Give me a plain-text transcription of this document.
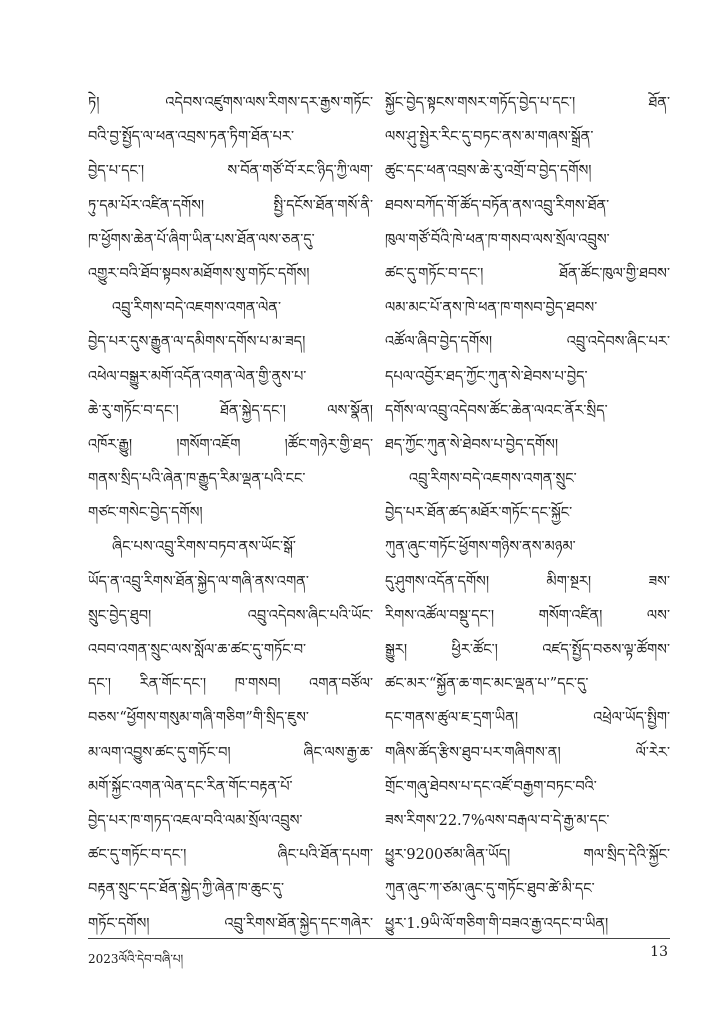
ཏེ། འདེབས་འཛུགས་ལས་རིགས་དར་རྒྱས་གཏོང་
བའི་བྱ་སྤྱོད་ལ་ཕན་འབྲས་ཏན་ཏིག་ཐོན་པར་
བྱེད་པ་དང་། ས་བོན་གཙོ་བོ་རང་ཉིད་ཀྱི་ལག་
ཏུ་དམ་པོར་འཛིན་དགོས། སྤྱི་དངོས་ཐོན་གསོ་ནི་
ཁ་ཕྱོགས་ཆེན་པོ་ཞིག་ཡིན་པས་ཐོན་ལས་ཅན་དུ་
འགྱུར་བའི་ཐོབ་སྟབས་མཐོགས་སུ་གཏོང་དགོས།
འབྲུ་རིགས་བདེ་འཇགས་འགན་ལེན་
བྱེད་པར་དུས་རྒྱུན་ལ་དམིགས་དགོས་པ་མ་ཟད།
འཕེལ་བསྒྱུར་མགོ་འདོན་འགན་ལེན་གྱི་ནུས་པ་
ཆེ་རུ་གཏོང་བ་དང་། ཐོན་སྐྱེད་དང་། ལས་སྣོན།
འཁོར་རྒྱུ། །གསོག་འཇོག །ཚོང་གཉེར་གྱི་ཐད་
གནས་སྲིད་པའི་ཞེན་ཁ་རྒྱུད་རིམ་ལྡན་པའི་ངང་
གཙང་གསེང་བྱེད་དགོས།
ཞིང་པས་འབྲུ་རིགས་བཏབ་ནས་ཡོང་སྒོ་
ཡོད་ན་འབྲུ་རིགས་ཐོན་སྐྱེད་ལ་གཞི་ནས་འགན་
སྲུང་བྱེད་ཐུབ། འབྲུ་འདེབས་ཞིང་པའི་ཡོང་
འབབ་འགན་སྲུང་ལས་སློལ་ཆ་ཚང་དུ་གཏོང་བ་
དང་། རིན་གོང་དང་། ཁ་གསབ། འགན་བཙོལ་
བཅས་“ཕྱོགས་གསུམ་གཞི་གཅིག”གི་སྲིད་ཇུས་
མ་ལག་འབྱུས་ཚང་དུ་གཏོང་བ། ཞིང་ལས་རྒྱ་ཆ་
མགོ་སྐྱོང་འགན་ལེན་དང་རིན་གོང་བརྟན་པོ་
བྱེད་པར་ཁ་གཏད་འཇལ་བའི་ལམ་སྲོལ་འབྲུས་
ཚང་དུ་གཏོང་བ་དང་། ཞིང་པའི་ཐོན་དཔག་
བརྟན་སྲུང་དང་ཐོན་སྐྱེད་ཀྱི་ཞེན་ཁ་ཆུང་དུ་
གཏོང་དགོས། འབྲུ་རིགས་ཐོན་སྐྱེད་དང་གཞེར་
སྐྱོང་བྱེད་སྟངས་གསར་གཏོད་བྱེད་པ་དང་། ཐོན་
ལས་ཤུ་སྤྱེར་རིང་དུ་བཏང་ནས་མ་གཞས་སྒྲོན་
ཚུང་དང་ཕན་འབྲས་ཆེ་རུ་འགྲོ་བ་བྱེད་དགོས།
ཐབས་བཀོད་གོ་ཚོད་བཏོན་ནས་འབྲུ་རིགས་ཐོན་
ཁུལ་གཙོ་བོའི་ཁེ་ཕན་ཁ་གསབ་ལས་སྲོལ་འབྲུས་
ཚང་དུ་གཏོང་བ་དང་། ཐོན་ཚོང་ཁུལ་གྱི་ཐབས་
ལམ་མང་པོ་ནས་ཁེ་ཕན་ཁ་གསབ་བྱེད་ཐབས་
འཚོལ་ཞིབ་བྱེད་དགོས། འབྲུ་འདེབས་ཞིང་པར་
དཔལ་འབྱོར་ཐད་ཀྱོང་ཀུན་སེ་ཐེབས་པ་བྱེད་
དགོས་ལ་འབྲུ་འདེབས་ཚོང་ཆེན་ལའང་ནོར་སྲིད་
ཐད་ཀྱོང་ཀུན་སེ་ཐེབས་པ་བྱེད་དགོས།
འབྲུ་རིགས་བདེ་འཇགས་འགན་སྲུང་
བྱེད་པར་ཐོན་ཚད་མཐོར་གཏོང་དང་སྐྱོང་
ཀུན་ཞུང་གཏོང་ཕྱོགས་གཉིས་ནས་མཉམ་
དུ་ཤུགས་འདོན་དགོས། མིག་སྔར། ཟས་
རིགས་འཚོལ་བསྡུ་དང་། གསོག་འཛིན། ལས་
སྒྱུར། ཕྱིར་ཚོང་། འཛད་སྤྱོད་བཅས་ལྟ་ཚོགས་
ཚང་མར་“སྐྱོན་ཆ་གང་མང་ལྡན་པ་”དང་དུ་
དང་གནས་ཚུལ་ཇ་དྲག་ཡིན། འཕྲེལ་ཡོད་སྤྱིག་
གཞིས་ཚོད་རྩིས་ཐུབ་པར་གཞིགས་ན། ལོ་རེར་
གྲོང་གཞུ་ཐེབས་པ་དང་འཛོ་བརྒྱག་བཏང་བའི་
ཟས་རིགས་22.7%ལས་བརྒལ་བ་དེ་རྒྱ་མ་དང་
ཕྱུར་9200ཙམ་ཞིན་ཡོད། གལ་སྲིད་དེའི་སྐྱོང་
ཀུན་ཞུང་ཀ་ཙམ་ཞུང་དུ་གཏོང་ཐུབ་ཚེ་མི་དང་
ཕྱུར་1.9ཡི་ལོ་གཅིག་གི་བཟའ་རྒྱ་འདང་བ་ཡིན།
2023ལོའི་དེབ་བཞི་པ།	13
